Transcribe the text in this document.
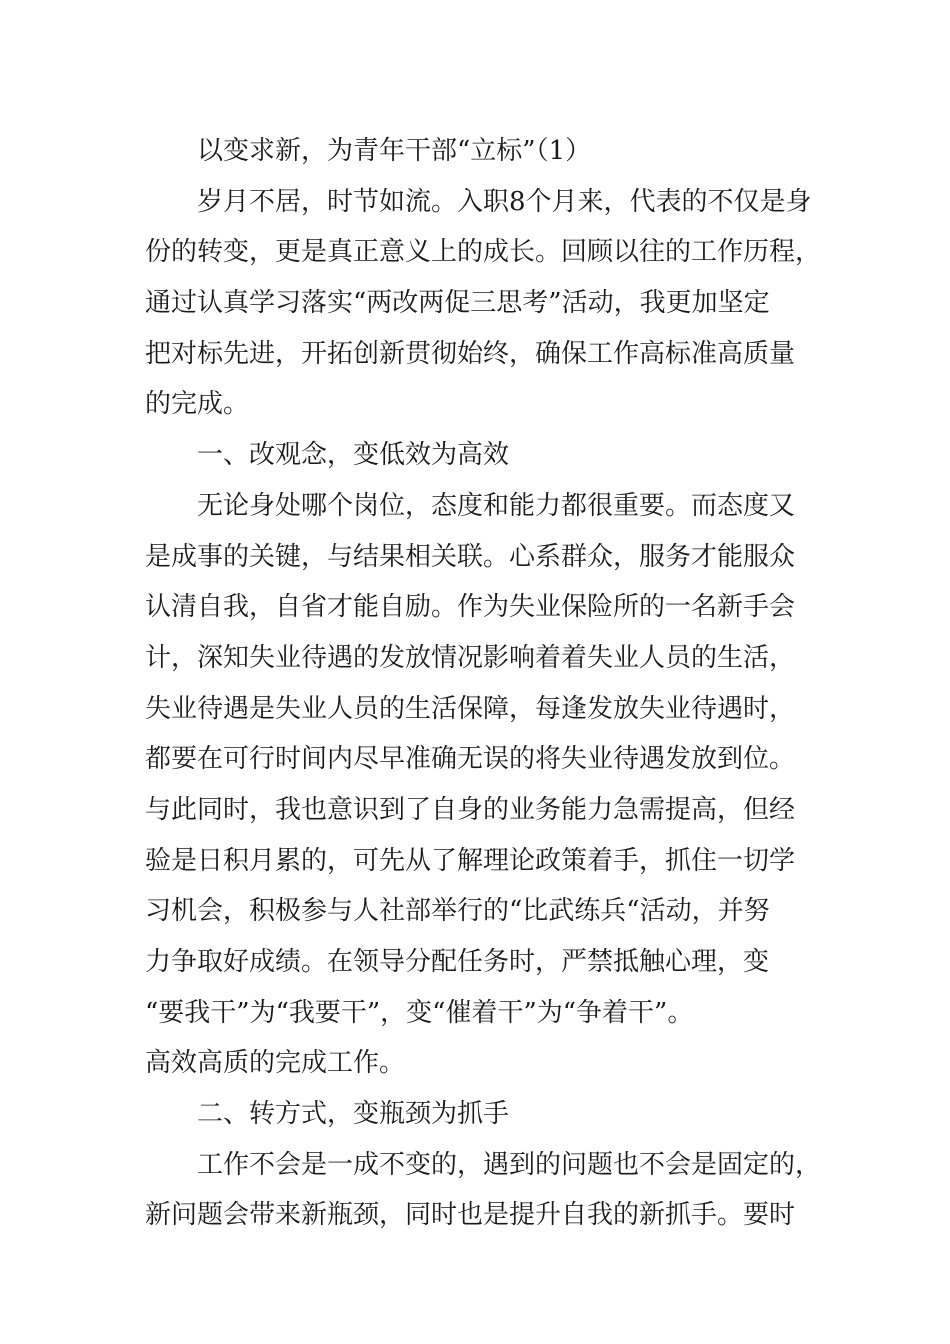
以变求新，为青年干部“立标”（1）
岁月不居，时节如流。入职8个月来，代表的不仅是身
份的转变，更是真正意义上的成长。回顾以往的工作历程，
通过认真学习落实“两改两促三思考”活动，我更加坚定
把对标先进，开拓创新贯彻始终，确保工作高标准高质量
的完成。
一、改观念，变低效为高效
无论身处哪个岗位，态度和能力都很重要。而态度又
是成事的关键，与结果相关联。心系群众，服务才能服众
认清自我，自省才能自励。作为失业保险所的一名新手会
计，深知失业待遇的发放情况影响着着失业人员的生活，
失业待遇是失业人员的生活保障，每逢发放失业待遇时，
都要在可行时间内尽早准确无误的将失业待遇发放到位。
与此同时，我也意识到了自身的业务能力急需提高，但经
验是日积月累的，可先从了解理论政策着手，抓住一切学
习机会，积极参与人社部举行的“比武练兵“活动，并努
力争取好成绩。在领导分配任务时，严禁抵触心理，变
“要我干”为“我要干”，变“催着干”为“争着干”。
高效高质的完成工作。
二、转方式，变瓶颈为抓手
工作不会是一成不变的，遇到的问题也不会是固定的，
新问题会带来新瓶颈，同时也是提升自我的新抓手。要时
